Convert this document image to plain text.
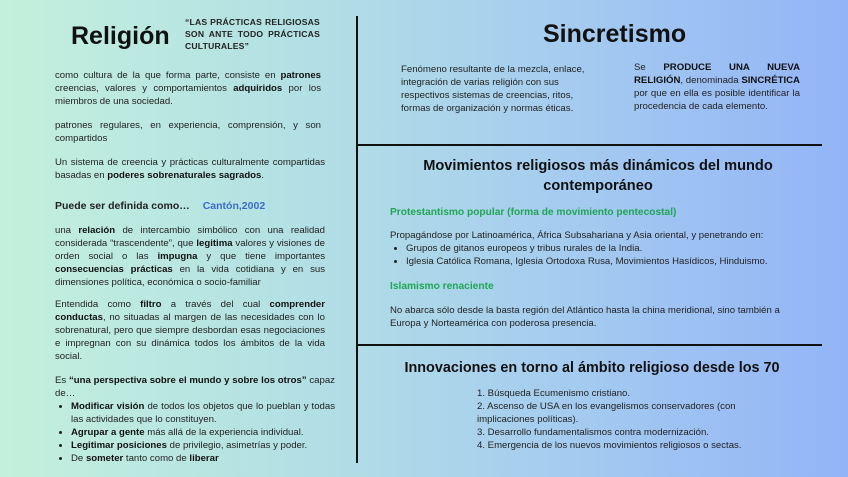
Religión “LAS PRÁCTICAS RELIGIOSAS SON ANTE TODO PRÁCTICAS CULTURALES”
como cultura de la que forma parte, consiste en patrones creencias, valores y comportamientos adquiridos por los miembros de una sociedad.
patrones regulares, en experiencia, comprensión, y son compartidos
Un sistema de creencia y prácticas culturalmente compartidas basadas en poderes sobrenaturales sagrados.
Puede ser definida como… Cantón,2002
una relación de intercambio simbólico con una realidad considerada “trascendente”, que legitima valores y visiones de orden social o las impugna y que tiene importantes consecuencias prácticas en la vida cotidiana y en sus dimensiones política, económica o socio-familiar
Entendida como filtro a través del cual comprender conductas, no situadas al margen de las necesidades con lo sobrenatural, pero que siempre desbordan esas negociaciones e impregnan con su dinámica todos los ámbitos de la vida social.
Es “una perspectiva sobre el mundo y sobre los otros” capaz de…
• Modificar visión de todos los objetos que lo pueblan y todas las actividades que lo constituyen.
• Agrupar a gente más allá de la experiencia individual.
• Legitimar posiciones de privilegio, asimetrías y poder.
• De someter tanto como de liberar
Sincretismo
Fenómeno resultante de la mezcla, enlace, integración de varias religión con sus respectivos sistemas de creencias, ritos, formas de organización y normas éticas.
Se PRODUCE UNA NUEVA RELIGIÓN, denominada SINCRÉTICA por que en ella es posible identificar la procedencia de cada elemento.
Movimientos religiosos más dinámicos del mundo contemporáneo
Protestantismo popular (forma de movimiento pentecostal)
Propagándose por Latinoamérica, África Subsahariana y Asia oriental, y penetrando en:
• Grupos de gitanos europeos y tribus rurales de la India.
• Iglesia Católica Romana, Iglesia Ortodoxa Rusa, Movimientos Hasídicos, Hinduismo.
Islamismo renaciente
No abarca sólo desde la basta región del Atlántico hasta la china meridional, sino también a Europa y Norteamérica con poderosa presencia.
Innovaciones en torno al ámbito religioso desde los 70
1. Búsqueda Ecumenismo cristiano.
2. Ascenso de USA en los evangelismos conservadores (con implicaciones políticas).
3. Desarrollo fundamentalismos contra modernización.
4. Emergencia de los nuevos movimientos religiosos o sectas.
